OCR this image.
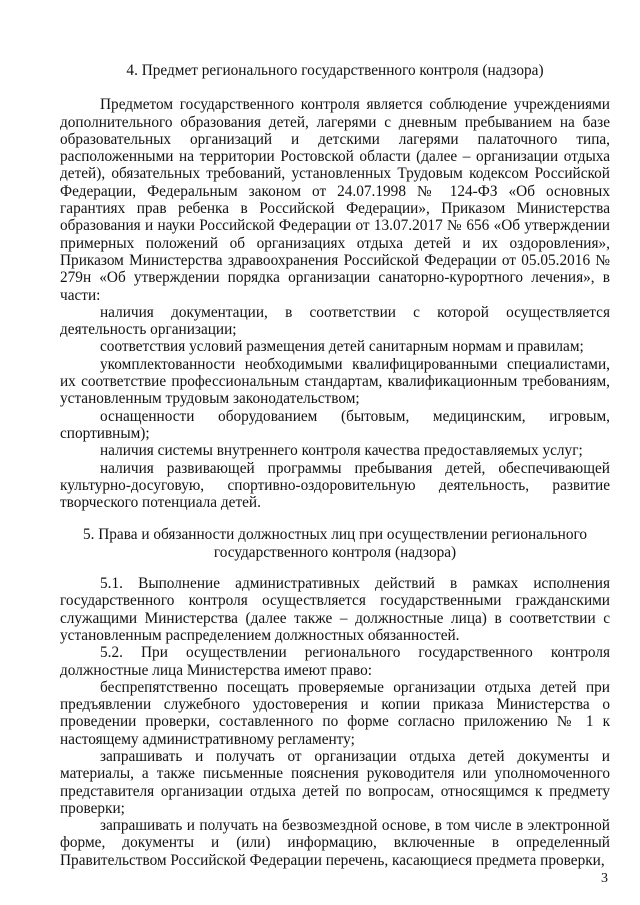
4. Предмет регионального государственного контроля (надзора)

Предметом государственного контроля является соблюдение учреждениями дополнительного образования детей, лагерями с дневным пребыванием на базе образовательных организаций и детскими лагерями палаточного типа, расположенными на территории Ростовской области (далее – организации отдыха детей), обязательных требований, установленных Трудовым кодексом Российской Федерации, Федеральным законом от 24.07.1998 № 124-ФЗ «Об основных гарантиях прав ребенка в Российской Федерации», Приказом Министерства образования и науки Российской Федерации от 13.07.2017 № 656 «Об утверждении примерных положений об организациях отдыха детей и их оздоровления», Приказом Министерства здравоохранения Российской Федерации от 05.05.2016 № 279н «Об утверждении порядка организации санаторно-курортного лечения», в части:

наличия документации, в соответствии с которой осуществляется деятельность организации;

соответствия условий размещения детей санитарным нормам и правилам;

укомплектованности необходимыми квалифицированными специалистами, их соответствие профессиональным стандартам, квалификационным требованиям, установленным трудовым законодательством;

оснащенности оборудованием (бытовым, медицинским, игровым, спортивным);

наличия системы внутреннего контроля качества предоставляемых услуг;

наличия развивающей программы пребывания детей, обеспечивающей культурно-досуговую, спортивно-оздоровительную деятельность, развитие творческого потенциала детей.

5. Права и обязанности должностных лиц при осуществлении регионального
государственного контроля (надзора)

5.1. Выполнение административных действий в рамках исполнения государственного контроля осуществляется государственными гражданскими служащими Министерства (далее также – должностные лица) в соответствии с установленным распределением должностных обязанностей.

5.2. При осуществлении регионального государственного контроля должностные лица Министерства имеют право:

беспрепятственно посещать проверяемые организации отдыха детей при предъявлении служебного удостоверения и копии приказа Министерства о проведении проверки, составленного по форме согласно приложению № 1 к настоящему административному регламенту;

запрашивать и получать от организации отдыха детей документы и материалы, а также письменные пояснения руководителя или уполномоченного представителя организации отдыха детей по вопросам, относящимся к предмету проверки;

запрашивать и получать на безвозмездной основе, в том числе в электронной форме, документы и (или) информацию, включенные в определенный Правительством Российской Федерации перечень, касающиеся предмета проверки,

3
